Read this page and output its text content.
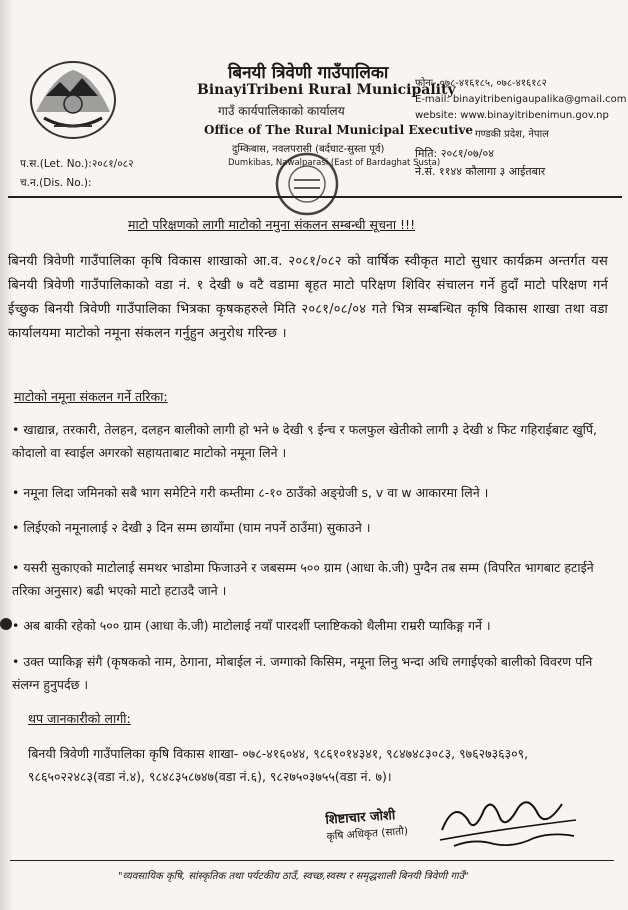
बिनयी त्रिवेणी गाउँपालिका
BinayiTribeni Rural Municipality
गाउँ कार्यपालिकाको कार्यालय
Office of The Rural Municipal Executive
दुम्किबास, नवलपरासी (बर्दघाट-सुस्ता पूर्व)
Dumkibas, Nawalparasi (East of Bardaghat Susta)
फोनः- ०७८-४१६१८५, ०७८-४१६१८२
E-mail: binayitribenigaupalika@gmail.com
website: www.binayitribenimun.gov.np
गण्डकी प्रदेश, नेपाल
मिति: २०८१/०७/०४
ने.सं. ११४४ कौलागा ३ आईतबार
प.स.(Let. No.):२०८१/०८२
च.न.(Dis. No.):
माटो परिक्षणको लागी माटोको नमुना संकलन सम्बन्धी सूचना !!!
बिनयी त्रिवेणी गाउँपालिका कृषि विकास शाखाको आ.व. २०८१/०८२ को वार्षिक स्वीकृत माटो सुधार कार्यक्रम अन्तर्गत यस बिनयी त्रिवेणी गाउँपालिकाको वडा नं. १ देखी ७ वटै वडामा बृहत माटो परिक्षण शिविर संचालन गर्ने हुदाँ माटो परिक्षण गर्न ईच्छुक बिनयी त्रिवेणी गाउँपालिका भित्रका कृषकहरुले मिति २०८१/०८/०४ गते भित्र सम्बन्धित कृषि विकास शाखा तथा वडा कार्यालयमा माटोको नमूना संकलन गर्नुहुन अनुरोध गरिन्छ ।
माटोको नमूना संकलन गर्ने तरिका:
• खाद्यान्न, तरकारी, तेलहन, दलहन बालीको लागी हो भने ७ देखी ९ ईन्च र फलफुल खेतीको लागी ३ देखी ४ फिट गहिराईबाट खुर्पि, कोदालो वा स्वाईल अगरको सहायताबाट माटोको नमूना लिने ।
• नमूना लिदा जमिनको सबै भाग समेटिने गरी कम्तीमा ८-१० ठाउँको अङ्ग्रेजी s, v वा w आकारमा लिने ।
• लिईएको नमूनालाई २ देखी ३ दिन सम्म छायाँमा (घाम नपर्ने ठाउँमा) सुकाउने ।
• यसरी सुकाएको माटोलाई समथर भाडोमा फिजाउने र जबसम्म ५०० ग्राम (आधा के.जी) पुग्दैन तब सम्म (विपरित भागबाट हटाईने तरिका अनुसार) बढी भएको माटो हटाउदै जाने ।
• अब बाकी रहेको ५०० ग्राम (आधा के.जी) माटोलाई नयाँ पारदर्शी प्लाष्टिकको थैलीमा राम्ररी प्याकिङ्ग गर्ने ।
• उक्त प्याकिङ्ग संगै (कृषकको नाम, ठेगाना, मोबाईल नं. जग्गाको किसिम, नमूना लिनु भन्दा अधि लगाईएको बालीको विवरण पनि संलग्न हुनुपर्दछ ।
थप जानकारीको लागी:
बिनयी त्रिवेणी गाउँपालिका कृषि विकास शाखा- ०७८-४१६०४४, ९८६१०१४३४१, ९८४७४८३०८३, ९७६२७३६३०९, ९८६५०२२४८३(वडा नं.४), ९८४८३५८७४७(वडा नं.६), ९८२७५०३७५५(वडा नं. ७)।
शिष्टाचार जोशी
कृषि अधिकृत (सातौ)
"व्यवसायिक कृषि, सांस्कृतिक तथा पर्यटकीय ठाउँ, स्वच्छ,स्वस्थ र समृद्धशाली बिनयी त्रिवेणी गाउँ"
